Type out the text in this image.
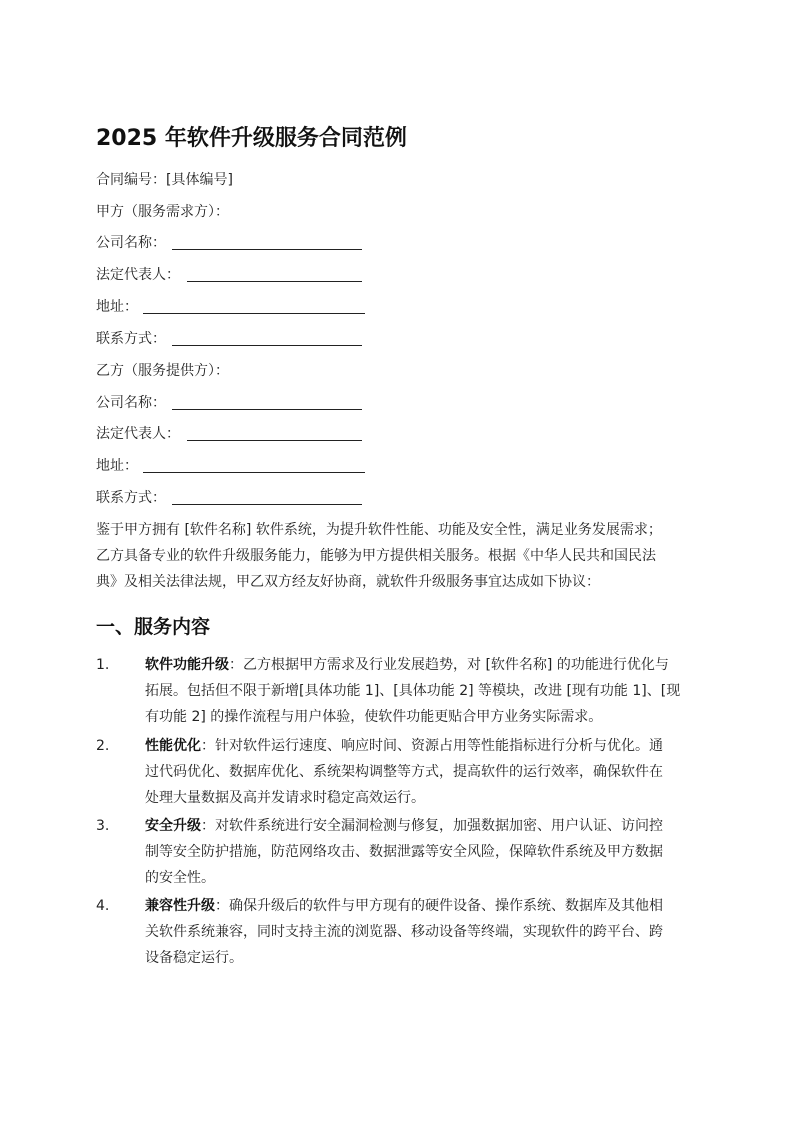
2025 年软件升级服务合同范例
合同编号：[具体编号]
甲方（服务需求方）：
公司名称：
法定代表人：
地址：
联系方式：
乙方（服务提供方）：
公司名称：
法定代表人：
地址：
联系方式：

鉴于甲方拥有 [软件名称] 软件系统，为提升软件性能、功能及安全性，满足业务发展需求；
乙方具备专业的软件升级服务能力，能够为甲方提供相关服务。根据《中华人民共和国民法
典》及相关法律法规，甲乙双方经友好协商，就软件升级服务事宜达成如下协议：

一、服务内容
1.	软件功能升级：乙方根据甲方需求及行业发展趋势，对 [软件名称] 的功能进行优化与
拓展。包括但不限于新增[具体功能 1]、[具体功能 2] 等模块，改进 [现有功能 1]、[现
有功能 2] 的操作流程与用户体验，使软件功能更贴合甲方业务实际需求。
2.	性能优化：针对软件运行速度、响应时间、资源占用等性能指标进行分析与优化。通
过代码优化、数据库优化、系统架构调整等方式，提高软件的运行效率，确保软件在
处理大量数据及高并发请求时稳定高效运行。
3.	安全升级：对软件系统进行安全漏洞检测与修复，加强数据加密、用户认证、访问控
制等安全防护措施，防范网络攻击、数据泄露等安全风险，保障软件系统及甲方数据
的安全性。
4.	兼容性升级：确保升级后的软件与甲方现有的硬件设备、操作系统、数据库及其他相
关软件系统兼容，同时支持主流的浏览器、移动设备等终端，实现软件的跨平台、跨
设备稳定运行。
